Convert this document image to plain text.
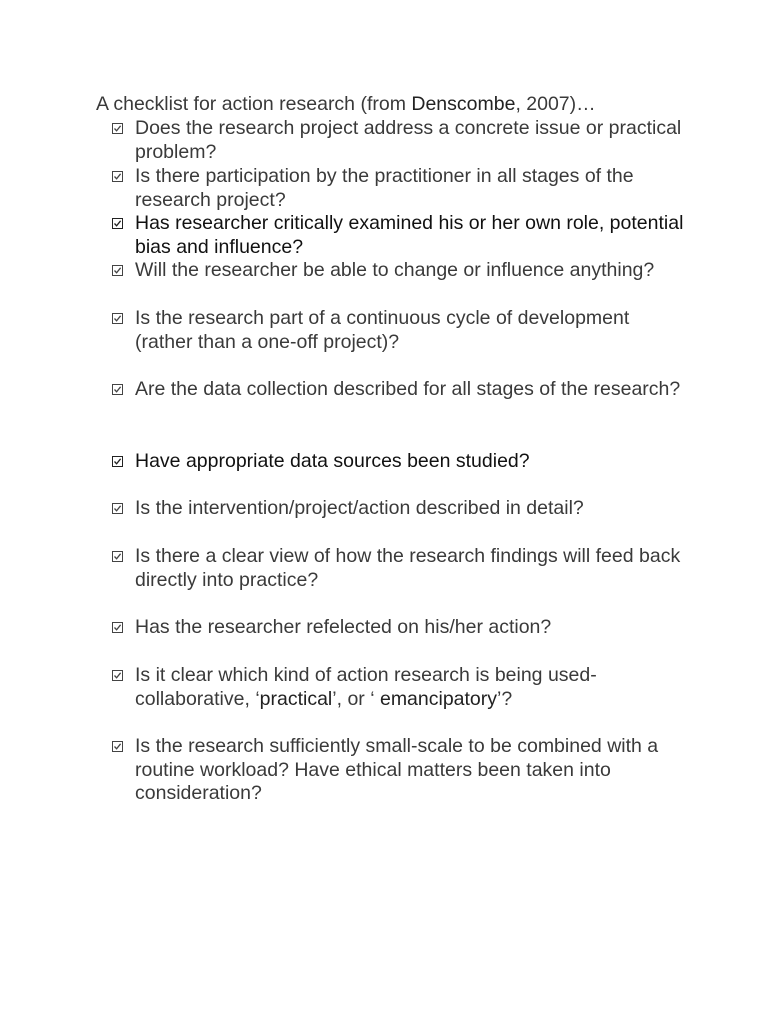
A checklist for action research (from Denscombe, 2007)…
Does the research project address a concrete issue or practical problem?
Is there participation by the practitioner in all stages of the research project?
Has researcher critically examined his or her own role, potential bias and influence?
Will the researcher be able to change or influence anything?
Is the research part of a continuous cycle of development (rather than a one-off project)?
Are the data collection described for all stages of the research?
Have appropriate data sources been studied?
Is the intervention/project/action described in detail?
Is there a clear view of how the research findings will feed back directly into practice?
Has the researcher refelected on his/her action?
Is it clear which kind of action research is being used-
collaborative, ‘practical’, or ‘ emancipatory’?
Is the research sufficiently small-scale to be combined with a routine workload? Have ethical matters been taken into consideration?
